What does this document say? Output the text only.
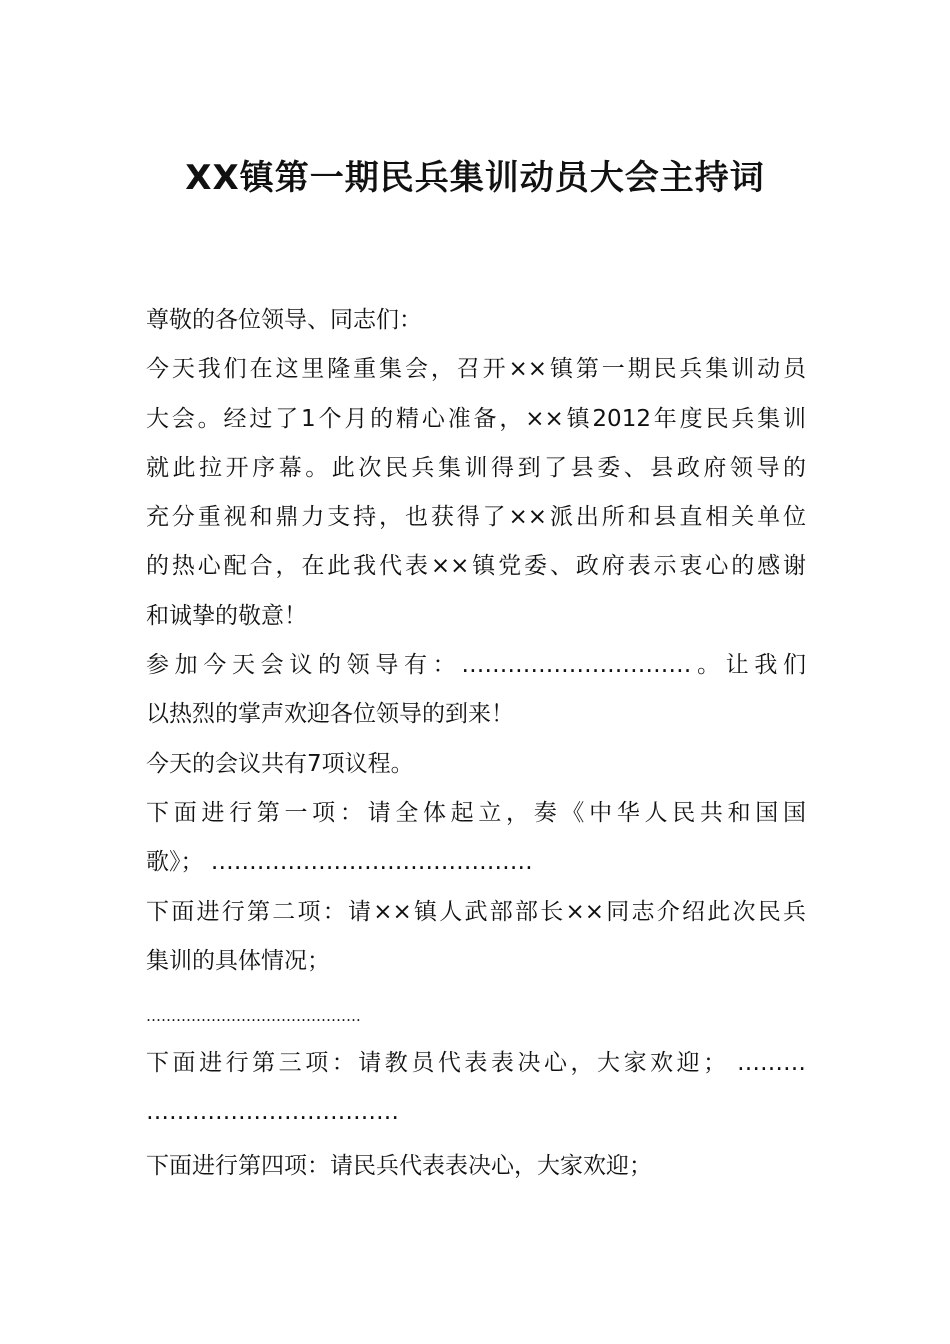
XX镇第一期民兵集训动员大会主持词
尊敬的各位领导、同志们：
今天我们在这里隆重集会，召开××镇第一期民兵集训动员
大会。经过了1个月的精心准备，××镇2012年度民兵集训
就此拉开序幕。此次民兵集训得到了县委、县政府领导的
充分重视和鼎力支持，也获得了××派出所和县直相关单位
的热心配合，在此我代表××镇党委、政府表示衷心的感谢
和诚挚的敬意！
参加今天会议的领导有：…………………………。让我们
以热烈的掌声欢迎各位领导的到来！
今天的会议共有7项议程。
下面进行第一项：请全体起立，奏《中华人民共和国国
歌》； ……………………………………
下面进行第二项：请××镇人武部部长××同志介绍此次民兵
集训的具体情况；
…………………………………….
下面进行第三项：请教员代表表决心，大家欢迎； ………
……………………………
下面进行第四项：请民兵代表表决心，大家欢迎；
